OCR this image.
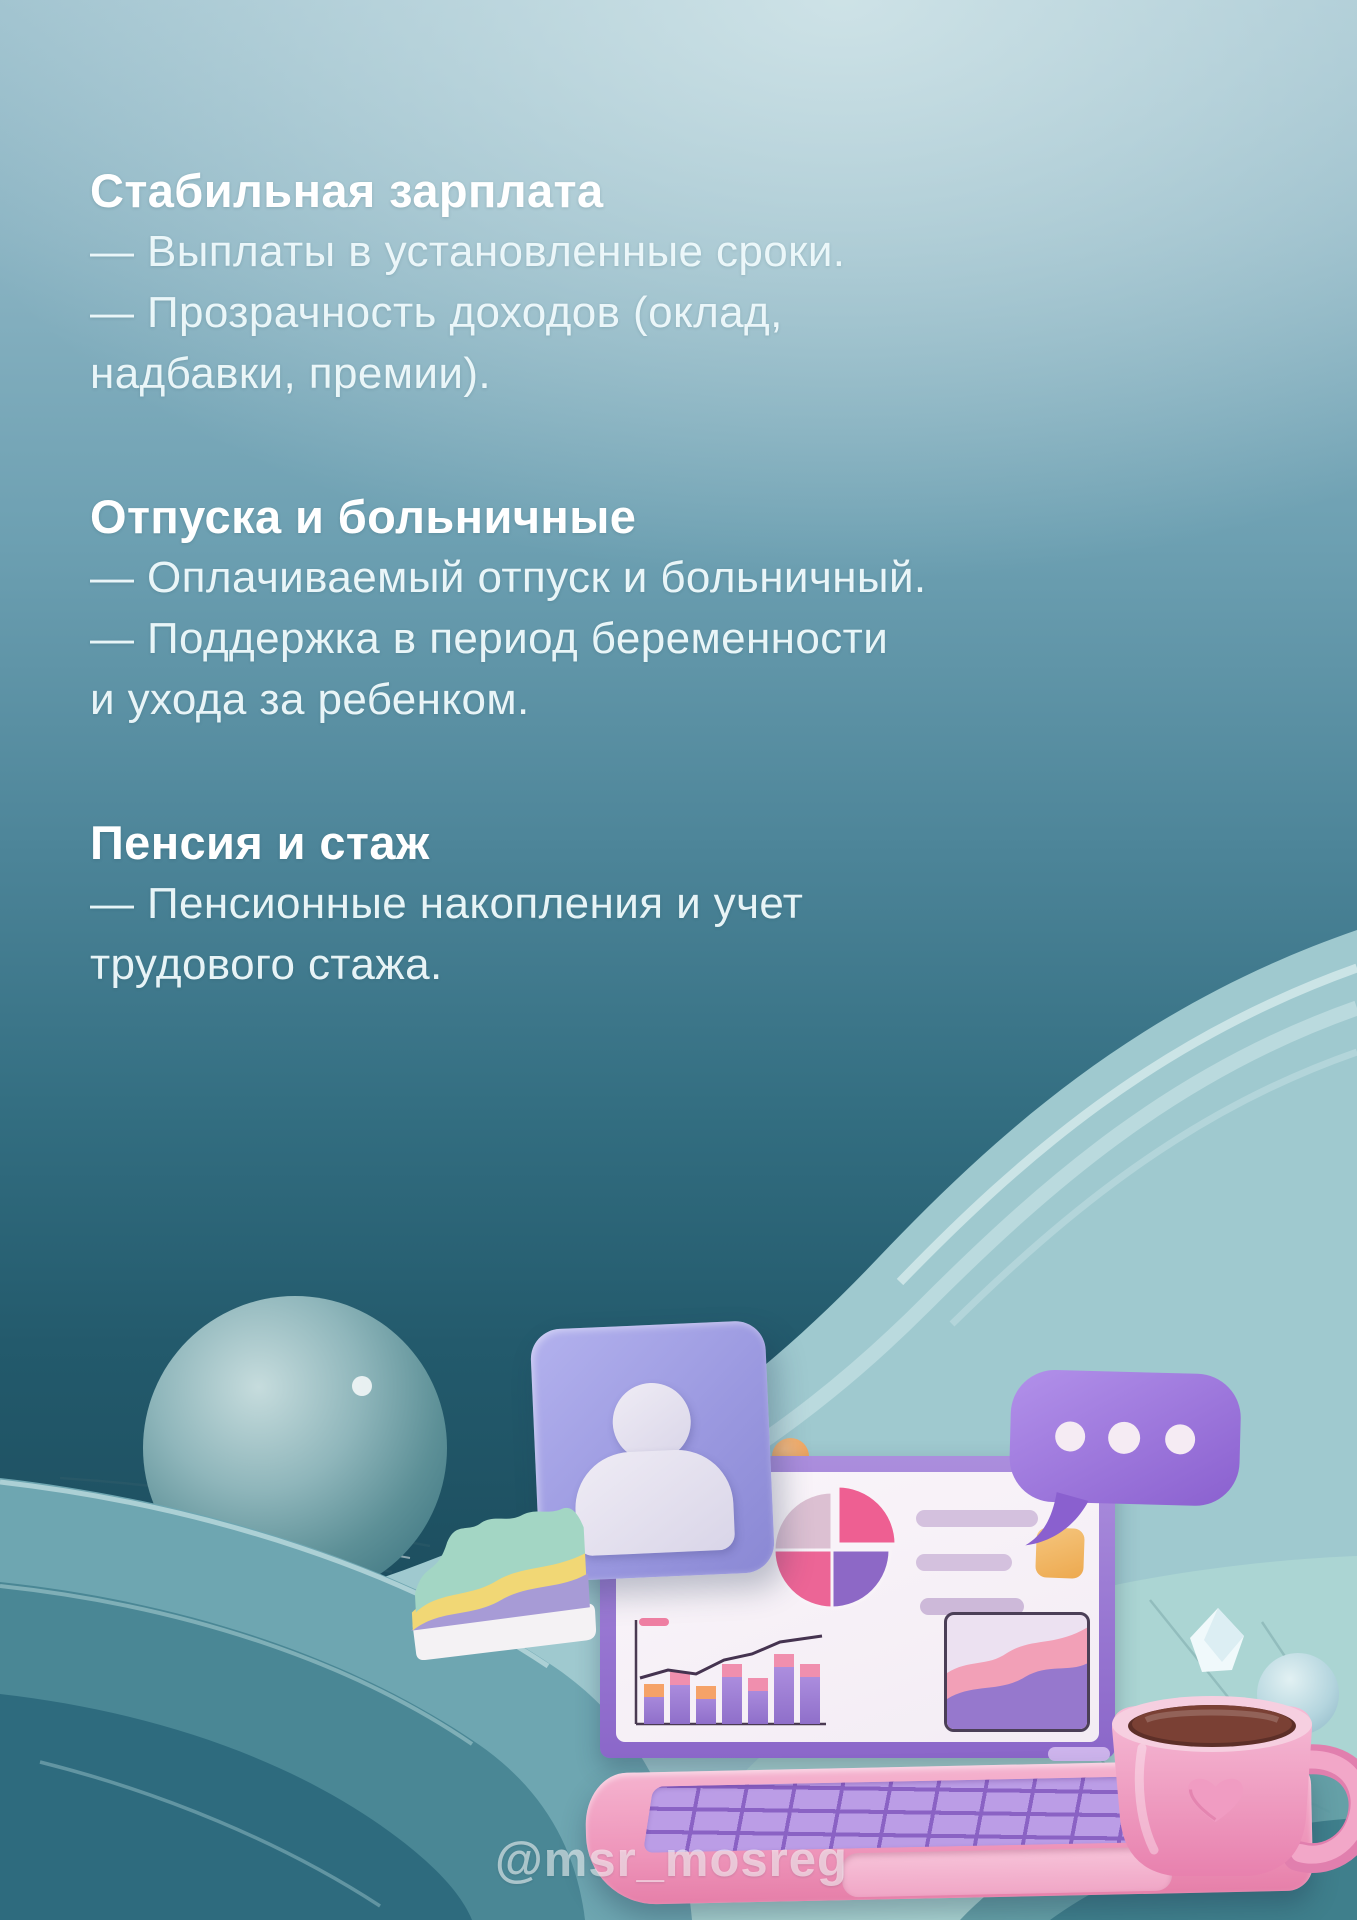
Стабильная зарплата
— Выплаты в установленные сроки.
— Прозрачность доходов (оклад,
надбавки, премии).
Отпуска и больничные
— Оплачиваемый отпуск и больничный.
— Поддержка в период беременности
и ухода за ребенком.
Пенсия и стаж
— Пенсионные накопления и учет
трудового стажа.
@msr_mosreg
